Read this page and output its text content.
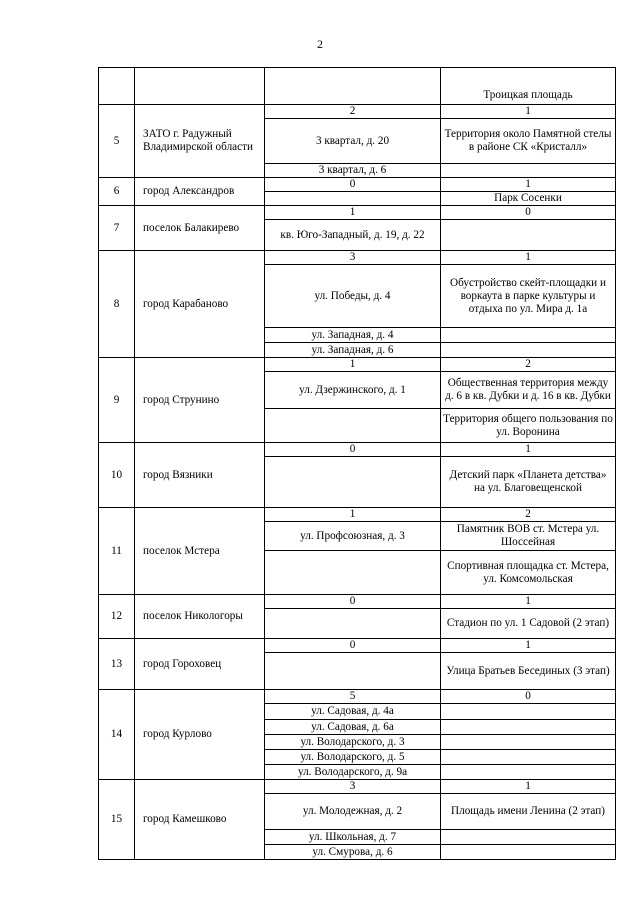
2
			Троицкая площадь
5	ЗАТО г. Радужный Владимирской области	2	1
		3 квартал, д. 20	Территория около Памятной стелы в районе СК «Кристалл»
		3 квартал, д. 6	
6	город Александров	0	1
			Парк Сосенки
7	поселок Балакирево	1	0
		кв. Юго-Западный, д. 19, д. 22	
8	город Карабаново	3	1
		ул. Победы, д. 4	Обустройство скейт-площадки и воркаута в парке культуры и отдыха по ул. Мира д. 1а
		ул. Западная, д. 4	
		ул. Западная, д. 6	
9	город Струнино	1	2
		ул. Дзержинского, д. 1	Общественная территория между д. 6 в кв. Дубки и д. 16 в кв. Дубки
			Территория общего пользования по ул. Воронина
10	город Вязники	0	1
			Детский парк «Планета детства» на ул. Благовещенской
11	поселок Мстера	1	2
		ул. Профсоюзная, д. 3	Памятник ВОВ ст. Мстера ул. Шоссейная
			Спортивная площадка ст. Мстера, ул. Комсомольская
12	поселок Никологоры	0	1
			Стадион по ул. 1 Садовой (2 этап)
13	город Гороховец	0	1
			Улица Братьев Бесединых (3 этап)
14	город Курлово	5	0
		ул. Садовая, д. 4а	
		ул. Садовая, д. 6а	
		ул. Володарского, д. 3	
		ул. Володарского, д. 5	
		ул. Володарского, д. 9а	
15	город Камешково	3	1
		ул. Молодежная, д. 2	Площадь имени Ленина (2 этап)
		ул. Школьная, д. 7	
		ул. Смурова, д. 6	
